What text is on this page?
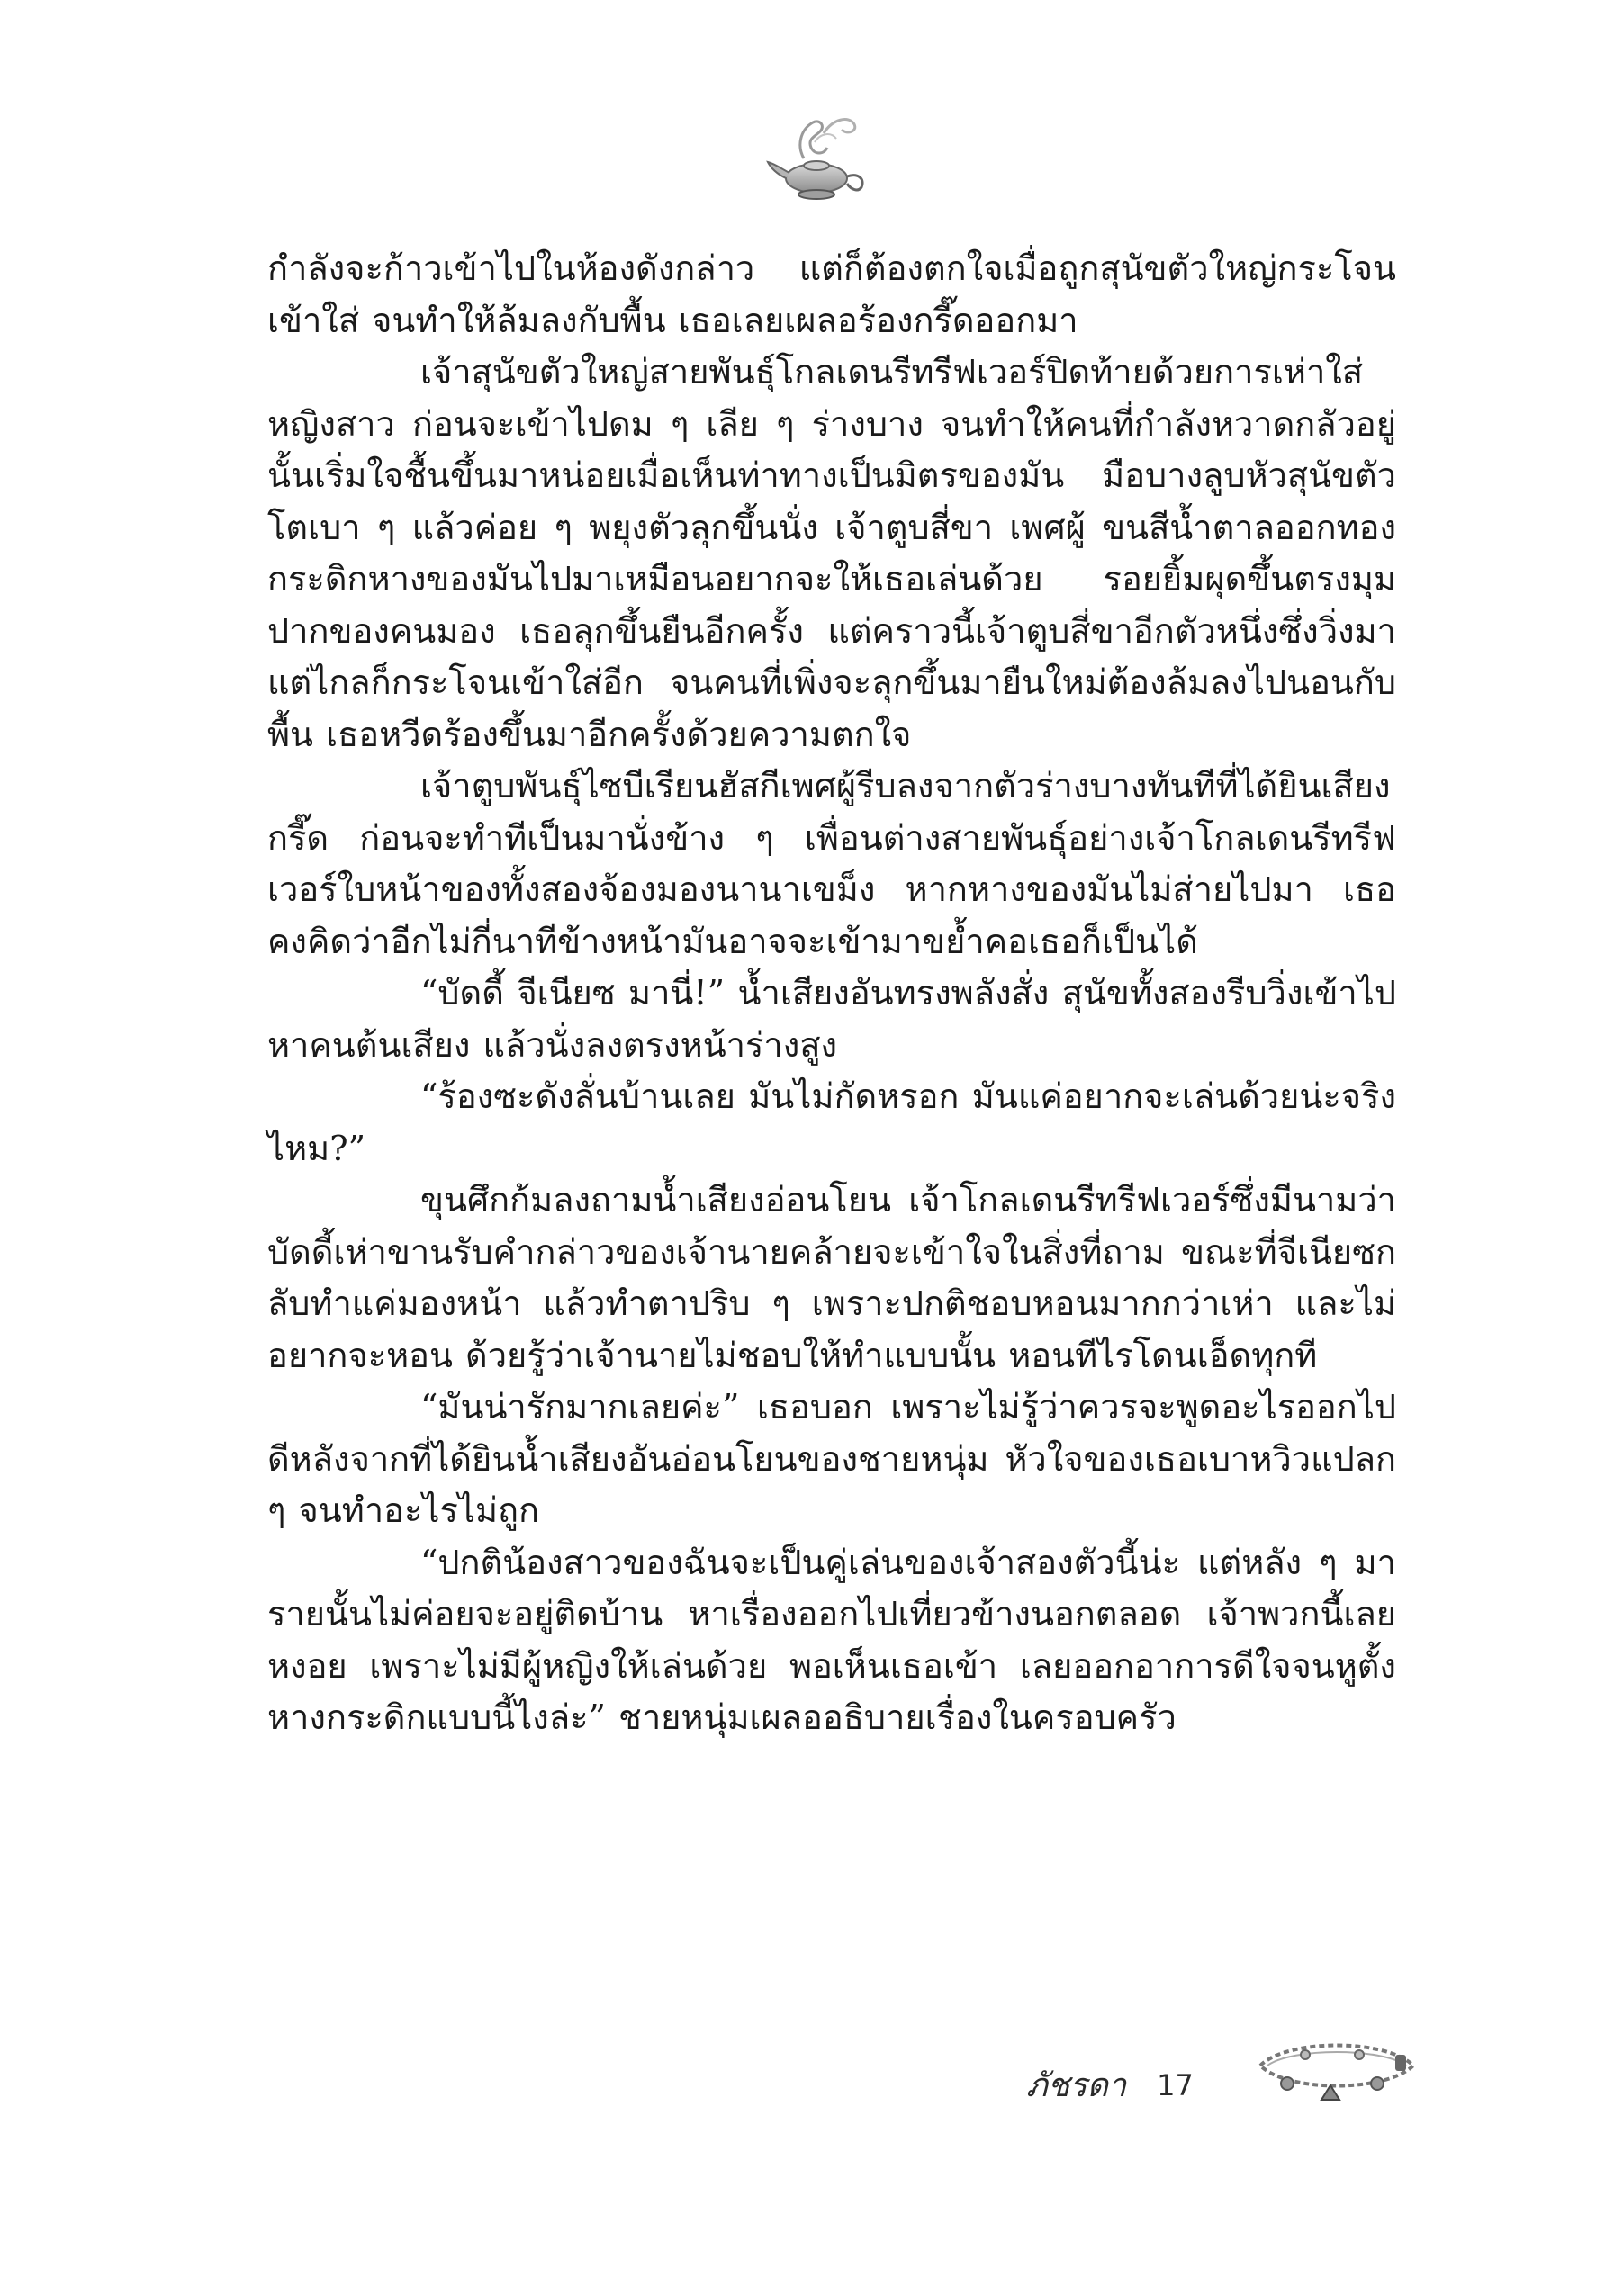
กำลังจะก้าวเข้าไปในห้องดังกล่าว แต่ก็ต้องตกใจเมื่อถูกสุนัขตัวใหญ่กระโจนเข้าใส่ จนทำให้ล้มลงกับพื้น เธอเลยเผลอร้องกรี๊ดออกมา

เจ้าสุนัขตัวใหญ่สายพันธุ์โกลเดนรีทรีฟเวอร์ปิดท้ายด้วยการเห่าใส่หญิงสาว ก่อนจะเข้าไปดม ๆ เลีย ๆ ร่างบาง จนทำให้คนที่กำลังหวาดกลัวอยู่นั้นเริ่มใจชื้นขึ้นมาหน่อยเมื่อเห็นท่าทางเป็นมิตรของมัน มือบางลูบหัวสุนัขตัวโตเบา ๆ แล้วค่อย ๆ พยุงตัวลุกขึ้นนั่ง เจ้าตูบสี่ขา เพศผู้ ขนสีน้ำตาลออกทองกระดิกหางของมันไปมาเหมือนอยากจะให้เธอเล่นด้วย รอยยิ้มผุดขึ้นตรงมุมปากของคนมอง เธอลุกขึ้นยืนอีกครั้ง แต่คราวนี้เจ้าตูบสี่ขาอีกตัวหนึ่งซึ่งวิ่งมาแต่ไกลก็กระโจนเข้าใส่อีก จนคนที่เพิ่งจะลุกขึ้นมายืนใหม่ต้องล้มลงไปนอนกับพื้น เธอหวีดร้องขึ้นมาอีกครั้งด้วยความตกใจ

เจ้าตูบพันธุ์ไซบีเรียนฮัสกีเพศผู้รีบลงจากตัวร่างบางทันทีที่ได้ยินเสียงกรี๊ด ก่อนจะทำทีเป็นมานั่งข้าง ๆ เพื่อนต่างสายพันธุ์อย่างเจ้าโกลเดนรีทรีฟเวอร์ใบหน้าของทั้งสองจ้องมองนานาเขม็ง หากหางของมันไม่ส่ายไปมา เธอคงคิดว่าอีกไม่กี่นาทีข้างหน้ามันอาจจะเข้ามาขย้ำคอเธอก็เป็นได้

“บัดดี้ จีเนียซ มานี่!” น้ำเสียงอันทรงพลังสั่ง สุนัขทั้งสองรีบวิ่งเข้าไปหาคนต้นเสียง แล้วนั่งลงตรงหน้าร่างสูง

“ร้องซะดังลั่นบ้านเลย มันไม่กัดหรอก มันแค่อยากจะเล่นด้วยน่ะจริงไหม?”

ขุนศึกก้มลงถามน้ำเสียงอ่อนโยน เจ้าโกลเดนรีทรีฟเวอร์ซึ่งมีนามว่าบัดดี้เห่าขานรับคำกล่าวของเจ้านายคล้ายจะเข้าใจในสิ่งที่ถาม ขณะที่จีเนียซกลับทำแค่มองหน้า แล้วทำตาปริบ ๆ เพราะปกติชอบหอนมากกว่าเห่า และไม่อยากจะหอน ด้วยรู้ว่าเจ้านายไม่ชอบให้ทำแบบนั้น หอนทีไรโดนเอ็ดทุกที

“มันน่ารักมากเลยค่ะ” เธอบอก เพราะไม่รู้ว่าควรจะพูดอะไรออกไปดีหลังจากที่ได้ยินน้ำเสียงอันอ่อนโยนของชายหนุ่ม หัวใจของเธอเบาหวิวแปลก ๆ จนทำอะไรไม่ถูก

“ปกติน้องสาวของฉันจะเป็นคู่เล่นของเจ้าสองตัวนี้น่ะ แต่หลัง ๆ มารายนั้นไม่ค่อยจะอยู่ติดบ้าน หาเรื่องออกไปเที่ยวข้างนอกตลอด เจ้าพวกนี้เลยหงอย เพราะไม่มีผู้หญิงให้เล่นด้วย พอเห็นเธอเข้า เลยออกอาการดีใจจนหูตั้ง หางกระดิกแบบนี้ไงล่ะ” ชายหนุ่มเผลออธิบายเรื่องในครอบครัว

ภัชรดา 17
